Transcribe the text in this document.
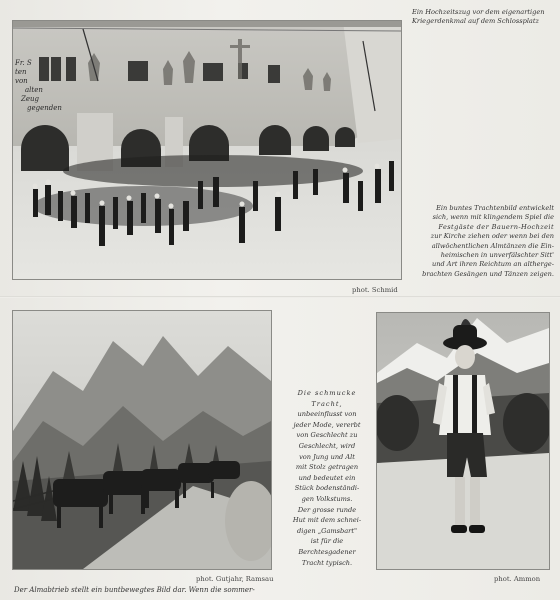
Fr. S
ten
von
alten
Zeug
gegenden
Ein Hochzeitszug vor dem eigenartigen Kriegerdenkmal auf dem Schlossplatz
Ein buntes Trachtenbild entwickelt
sich, wenn mit klingendem Spiel die
Festgäste der Bauern-Hochzeit
zur Kirche ziehen oder wenn bei den
allwöchentlichen Almtänzen die Ein-
heimischen in unverfälschter Sitt'
und Art ihren Reichtum an altherge-
brachten Gesängen und Tänzen zeigen.
phot. Schmid
phot. Gutjahr, Ramsau
Die schmucke
Tracht,
unbeeinflusst von
jeder Mode, vererbt
von Geschlecht zu
Geschlecht, wird
von Jung und Alt
mit Stolz getragen
und bedeutet ein
Stück bodenständi-
gen Volkstums.
Der grosse runde
Hut mit dem schnei-
digen „Gamsbart"
ist für die
Berchtesgadener
Tracht typisch.
phot. Ammon
Der Almabtrieb stellt ein buntbewegtes Bild dar. Wenn die sommer-
